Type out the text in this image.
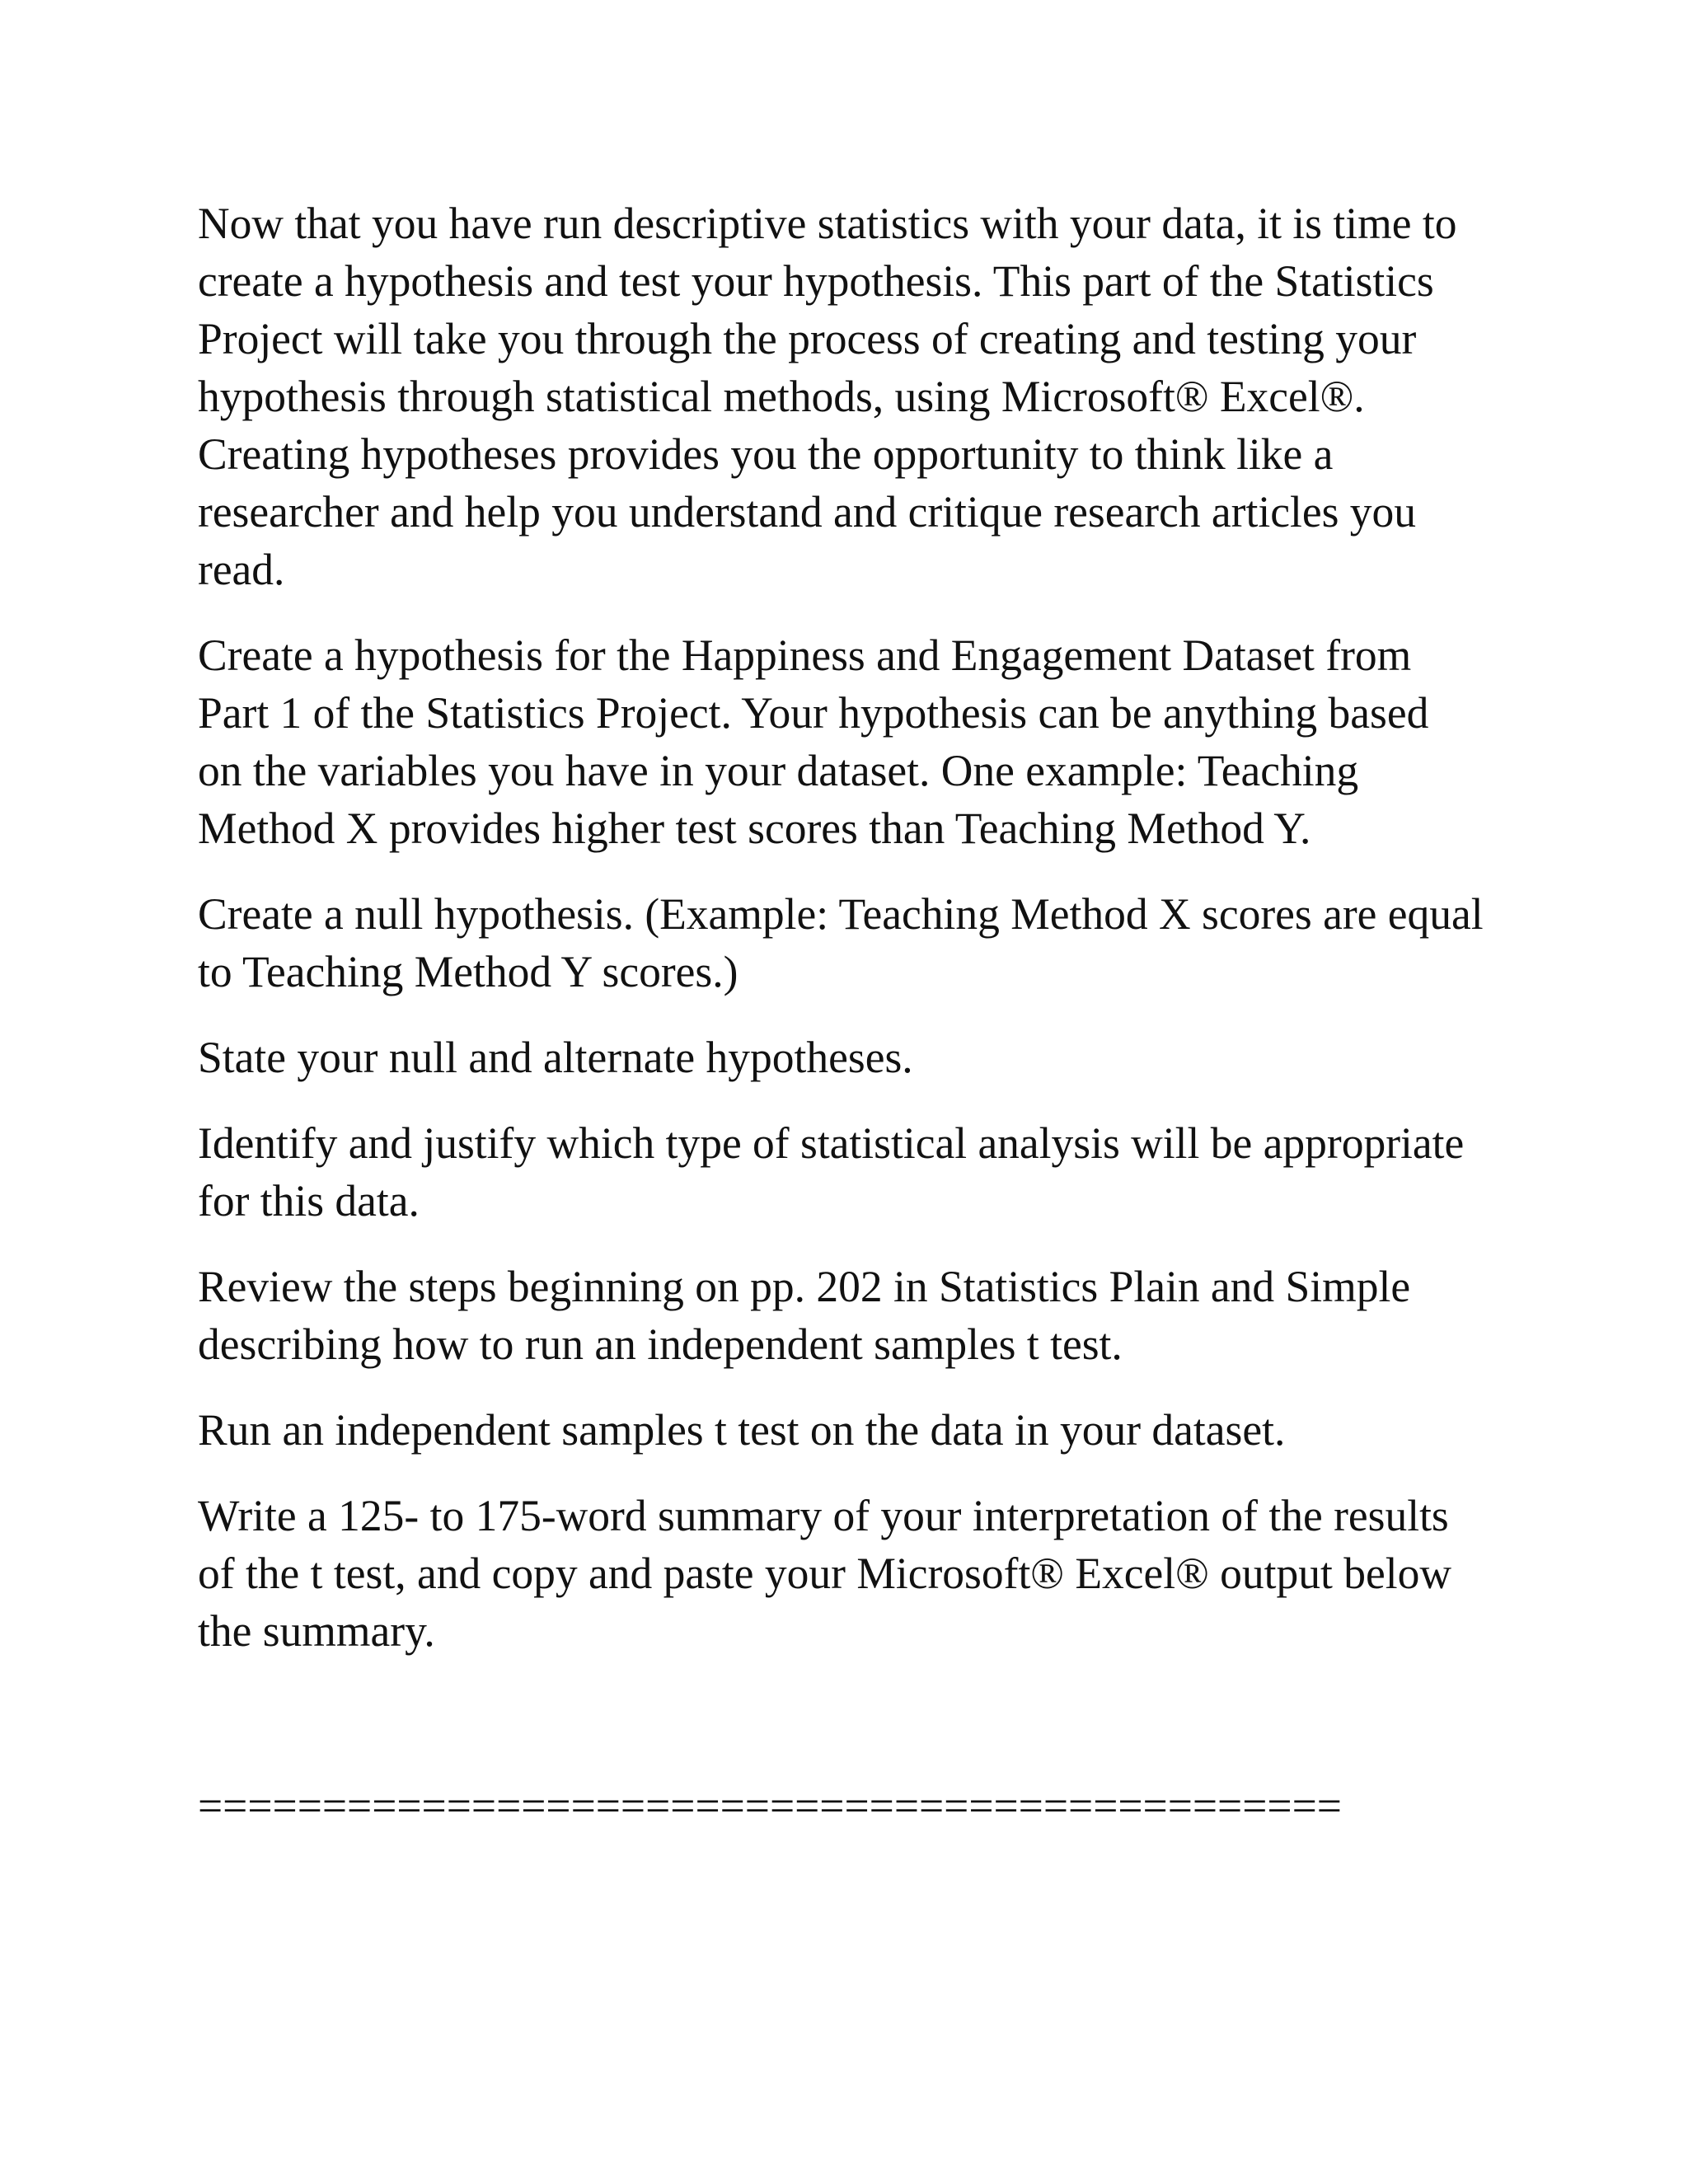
Now that you have run descriptive statistics with your data, it is time to
create a hypothesis and test your hypothesis. This part of the Statistics
Project will take you through the process of creating and testing your
hypothesis through statistical methods, using Microsoft® Excel®.
Creating hypotheses provides you the opportunity to think like a
researcher and help you understand and critique research articles you
read.

Create a hypothesis for the Happiness and Engagement Dataset from
Part 1 of the Statistics Project. Your hypothesis can be anything based
on the variables you have in your dataset. One example: Teaching
Method X provides higher test scores than Teaching Method Y.

Create a null hypothesis. (Example: Teaching Method X scores are equal
to Teaching Method Y scores.)

State your null and alternate hypotheses.

Identify and justify which type of statistical analysis will be appropriate
for this data.

Review the steps beginning on pp. 202 in Statistics Plain and Simple
describing how to run an independent samples t test.

Run an independent samples t test on the data in your dataset.

Write a 125- to 175-word summary of your interpretation of the results
of the t test, and copy and paste your Microsoft® Excel® output below
the summary.

==============================================
